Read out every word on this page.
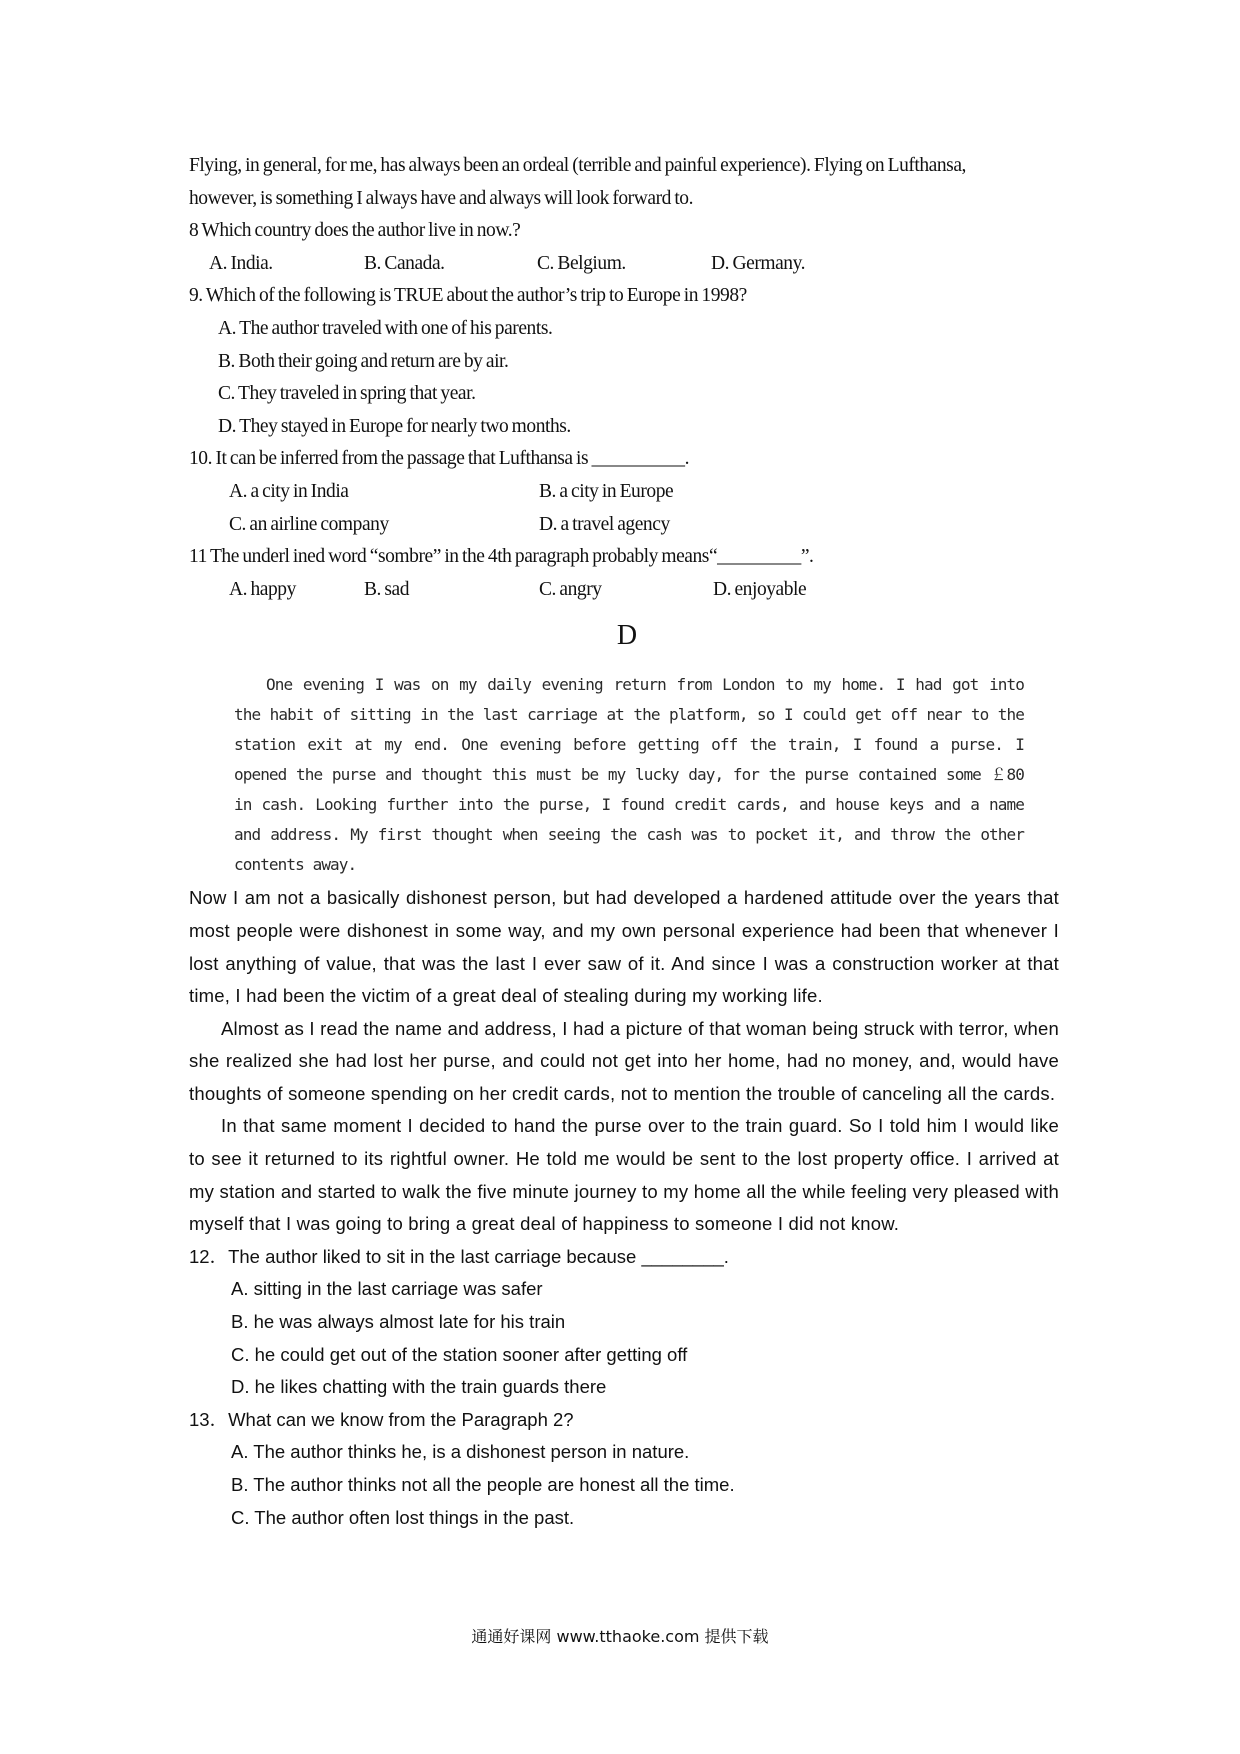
Flying, in general, for me, has always been an ordeal (terrible and painful experience). Flying on Lufthansa,
however, is something I always have and always will look forward to.
8 Which country does the author live in now.?
A. India.	B. Canada.	C. Belgium.	D. Germany.
9. Which of the following is TRUE about the author’s trip to Europe in 1998?
A. The author traveled with one of his parents.
B. Both their going and return are by air.
C. They traveled in spring that year.
D. They stayed in Europe for nearly two months.
10. It can be inferred from the passage that Lufthansa is __________.
A. a city in India	B. a city in Europe
C. an airline company	D. a travel agency
11 The underl ined word “sombre” in the 4th paragraph probably means“_________”.
A. happy	B. sad	C. angry	D. enjoyable
D

One evening I was on my daily evening return from London to my home. I had got into the habit of sitting in the last carriage at the platform, so I could get off near to the station exit at my end. One evening before getting off the train, I found a purse. I opened the purse and thought this must be my lucky day, for the purse contained some ￡80 in cash. Looking further into the purse, I found credit cards, and house keys and a name and address. My first thought when seeing the cash was to pocket it, and throw the other contents away.

Now I am not a basically dishonest person, but had developed a hardened attitude over the years that most people were dishonest in some way, and my own personal experience had been that whenever I lost anything of value, that was the last I ever saw of it. And since I was a construction worker at that time, I had been the victim of a great deal of stealing during my working life.

Almost as I read the name and address, I had a picture of that woman being struck with terror, when she realized she had lost her purse, and could not get into her home, had no money, and, would have thoughts of someone spending on her credit cards, not to mention the trouble of canceling all the cards.

In that same moment I decided to hand the purse over to the train guard. So I told him I would like to see it returned to its rightful owner. He told me would be sent to the lost property office. I arrived at my station and started to walk the five minute journey to my home all the while feeling very pleased with myself that I was going to bring a great deal of happiness to someone I did not know.

12．The author liked to sit in the last carriage because ________.
A. sitting in the last carriage was safer
B. he was always almost late for his train
C. he could get out of the station sooner after getting off
D. he likes chatting with the train guards there
13．What can we know from the Paragraph 2?
A. The author thinks he, is a dishonest person in nature.
B. The author thinks not all the people are honest all the time.
C. The author often lost things in the past.
通通好课网 www.tthaoke.com 提供下载
